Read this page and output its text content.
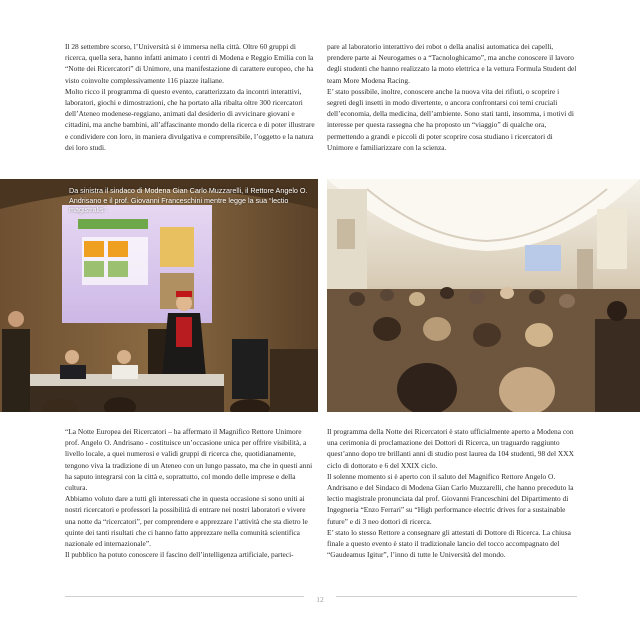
Il 28 settembre scorso, l’Università si è immersa nella città. Oltre 60 gruppi di ricerca, quella sera, hanno infatti animato i centri di Modena e Reggio Emilia con la “Notte dei Ricercatori” di Unimore, una manifestazione di carattere europeo, che ha visto coinvolte complessivamente 116 piazze italiane.

Molto ricco il programma di questo evento, caratterizzato da incontri interattivi, laboratori, giochi e dimostrazioni, che ha portato alla ribalta oltre 300 ricercatori dell’Ateneo modenese-reggiano, animati dal desiderio di avvicinare giovani e cittadini, ma anche bambini, all’affascinante mondo della ricerca e di poter illustrare e condividere con loro, in maniera divulgativa e comprensibile, l’oggetto e la natura dei loro studi.

pare al laboratorio interattivo dei robot o della analisi automatica dei capelli, prendere parte ai Neurogames o a “Tacnologhicamo”, ma anche conoscere il lavoro degli studenti che hanno realizzato la moto elettrica e la vettura Formula Student del team More Modena Racing.

E’ stato possibile, inoltre, conoscere anche la nuova vita dei rifiuti, o scoprire i segreti degli insetti in modo divertente, o ancora confrontarsi coi temi cruciali dell’economia, della medicina, dell’ambiente. Sono stati tanti, insomma, i motivi di interesse per questa rassegna che ha proposto un “viaggio” di qualche ora, permettendo a grandi e piccoli di poter scoprire cosa studiano i ricercatori di Unimore e familiarizzare con la scienza.

Da sinistra il sindaco di Modena Gian Carlo Muzzarelli, il Rettore Angelo O. Andrisano e il prof. Giovanni Franceschini mentre legge la sua “lectio magistralis”.

“La Notte Europea dei Ricercatori – ha affermato il Magnifico Rettore Unimore prof. Angelo O. Andrisano - costituisce un’occasione unica per offrire visibilità, a livello locale, a quei numerosi e validi gruppi di ricerca che, quotidianamente, tengono viva la tradizione di un Ateneo con un lungo passato, ma che in questi anni ha saputo integrarsi con la città e, soprattutto, col mondo delle imprese e della cultura.

Abbiamo voluto dare a tutti gli interessati che in questa occasione si sono uniti ai nostri ricercatori e professori la possibilità di entrare nei nostri laboratori e vivere una notte da “ricercatori”, per comprendere e apprezzare l’attività che sta dietro le quinte dei tanti risultati che ci hanno fatto apprezzare nella comunità scientifica nazionale ed internazionale”.

Il pubblico ha potuto conoscere il fascino dell’intelligenza artificiale, parteci-

Il programma della Notte dei Ricercatori è stato ufficialmente aperto a Modena con una cerimonia di proclamazione dei Dottori di Ricerca, un traguardo raggiunto quest’anno dopo tre brillanti anni di studio post laurea da 104 studenti, 98 del XXX ciclo di dottorato e 6 del XXIX ciclo.

Il solenne momento si è aperto con il saluto del Magnifico Rettore Angelo O. Andrisano e del Sindaco di Modena Gian Carlo Muzzarelli, che hanno preceduto la lectio magistrale pronunciata dal prof. Giovanni Franceschini del Dipartimento di Ingegneria “Enzo Ferrari” su “High performance electric drives for a sustainable future” e di 3 neo dottori di ricerca.

E’ stato lo stesso Rettore a consegnare gli attestati di Dottore di Ricerca. La chiusa finale a questo evento è stato il tradizionale lancio del tocco accompagnato del “Gaudeamus Igitur”, l’inno di tutte le Università del mondo.

12
